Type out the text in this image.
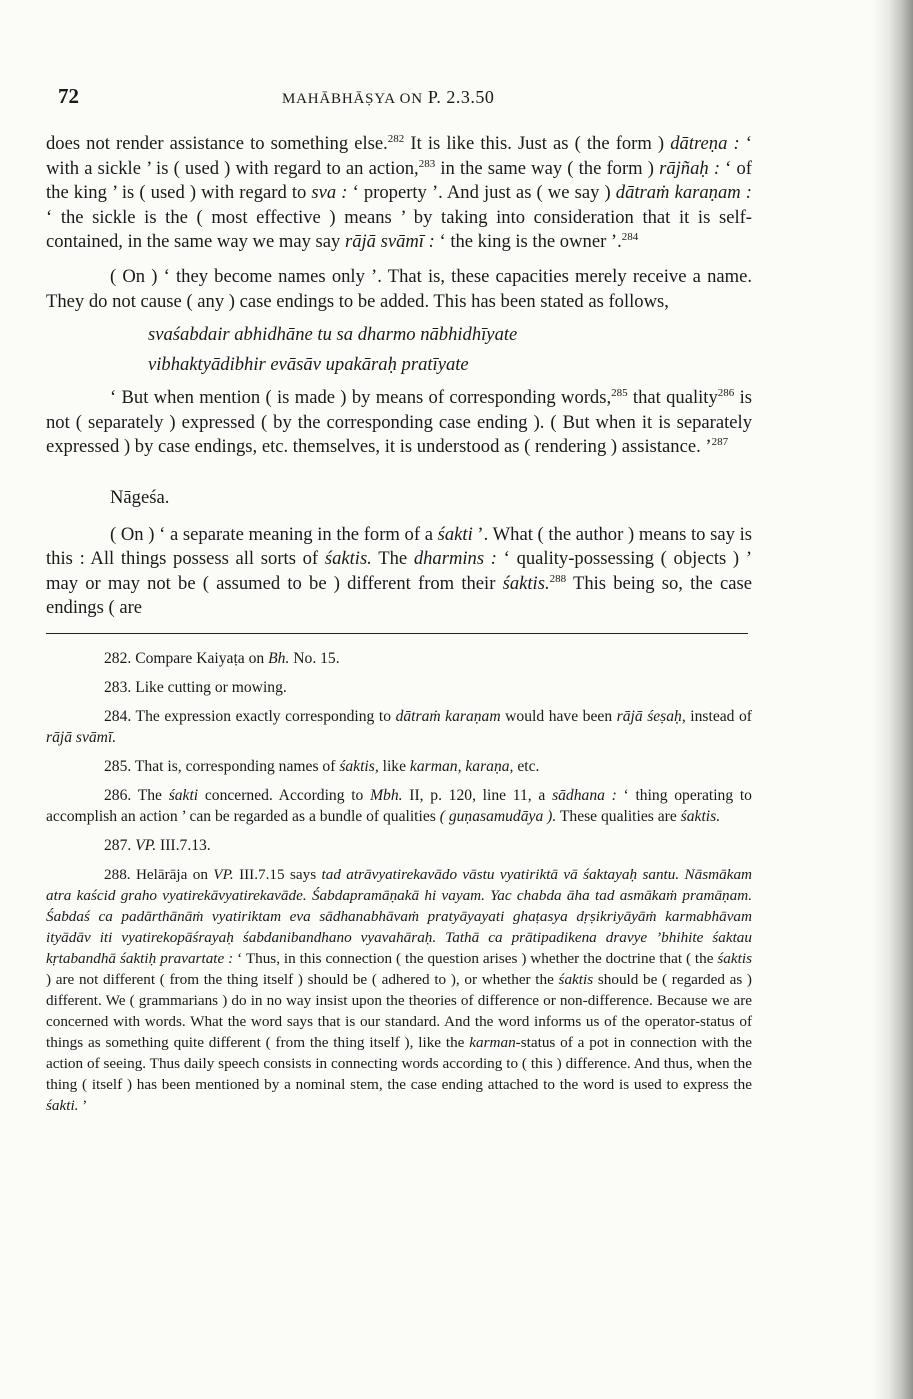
72	MAHĀBHĀṢYA ON P. 2.3.50

does not render assistance to something else.$^{282}$ It is like this. Just as ( the form ) dātreṇa : ‘ with a sickle ’ is ( used ) with regard to an action,$^{283}$ in the same way ( the form ) rājñaḥ : ‘ of the king ’ is ( used ) with regard to sva : ‘ property ’. And just as ( we say ) dātraṁ karaṇam : ‘ the sickle is the ( most effective ) means ’ by taking into consideration that it is self-contained, in the same way we may say rājā svāmī : ‘ the king is the owner ’.$^{284}$

( On ) ‘ they become names only ’. That is, these capacities merely receive a name. They do not cause ( any ) case endings to be added. This has been stated as follows,

svaśabdair abhidhāne tu sa dharmo nābhidhīyate
vibhaktyādibhir evāsāv upakāraḥ pratīyate

‘ But when mention ( is made ) by means of corresponding words,$^{285}$ that quality$^{286}$ is not ( separately ) expressed ( by the corresponding case ending ). ( But when it is separately expressed ) by case endings, etc. themselves, it is understood as ( rendering ) assistance. ’$^{287}$

Nāgeśa.

( On ) ‘ a separate meaning in the form of a śakti ’. What ( the author ) means to say is this : All things possess all sorts of śaktis. The dharmins : ‘ quality-possessing ( objects ) ’ may or may not be ( assumed to be ) different from their śaktis.$^{288}$ This being so, the case endings ( are

282. Compare Kaiyaṭa on Bh. No. 15.

283. Like cutting or mowing.

284. The expression exactly corresponding to dātraṁ karaṇam would have been rājā śeṣaḥ, instead of rājā svāmī.

285. That is, corresponding names of śaktis, like karman, karaṇa, etc.

286. The śakti concerned. According to Mbh. II, p. 120, line 11, a sādhana : ‘ thing operating to accomplish an action ’ can be regarded as a bundle of qualities ( guṇasamudāya ). These qualities are śaktis.

287. VP. III.7.13.

288. Helārāja on VP. III.7.15 says tad atrāvyatirekavādo vāstu vyatiriktā vā śaktayaḥ santu. Nāsmākam atra kaścid graho vyatirekāvyatirekavāde. Śabdapramāṇakā hi vayam. Yac chabda āha tad asmākaṁ pramāṇam. Śabdaś ca padārthānāṁ vyatiriktam eva sādhanabhāvaṁ pratyāyayati ghaṭasya dṛṣikriyāyāṁ karmabhāvam ityādāv iti vyatirekopāśrayaḥ śabdanibandhano vyavahāraḥ. Tathā ca prātipadikena dravye ’bhihite śaktau kṛtabandhā śaktiḥ pravartate : ‘ Thus, in this connection ( the question arises ) whether the doctrine that ( the śaktis ) are not different ( from the thing itself ) should be ( adhered to ), or whether the śaktis should be ( regarded as ) different. We ( grammarians ) do in no way insist upon the theories of difference or non-difference. Because we are concerned with words. What the word says that is our standard. And the word informs us of the operator-status of things as something quite different ( from the thing itself ), like the karman-status of a pot in connection with the action of seeing. Thus daily speech consists in connecting words according to ( this ) difference. And thus, when the thing ( itself ) has been mentioned by a nominal stem, the case ending attached to the word is used to express the śakti. ’
